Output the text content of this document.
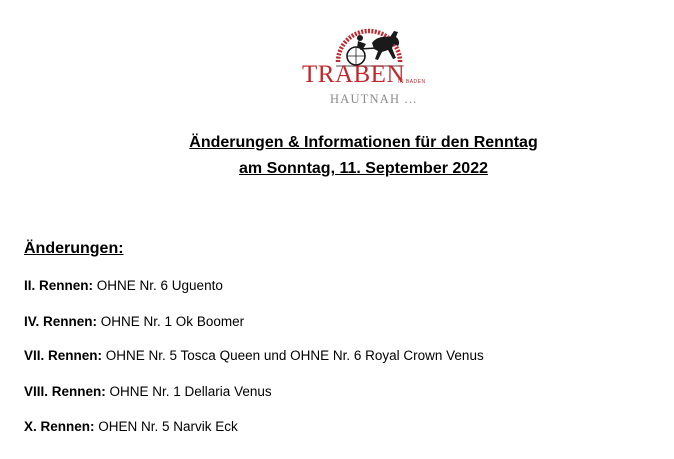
TRABEN
IN BADEN
HAUTNAH ...
Änderungen & Informationen für den Renntag
am Sonntag, 11. September 2022
Änderungen:
II. Rennen: OHNE Nr. 6 Uguento
IV. Rennen: OHNE Nr. 1 Ok Boomer
VII. Rennen: OHNE Nr. 5 Tosca Queen und OHNE Nr. 6 Royal Crown Venus
VIII. Rennen: OHNE Nr. 1 Dellaria Venus
X. Rennen: OHEN Nr. 5 Narvik Eck
